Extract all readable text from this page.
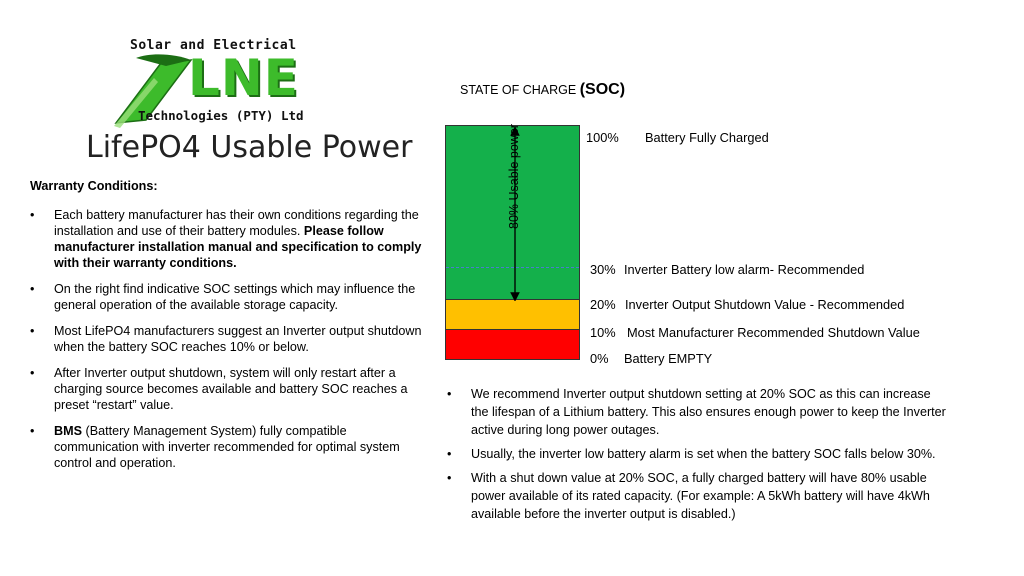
Solar and Electrical
LNE
Technologies (PTY) Ltd
LifePO4 Usable Power
Warranty Conditions:
• Each battery manufacturer has their own conditions regarding the installation and use of their battery modules. Please follow manufacturer installation manual and specification to comply with their warranty conditions.
• On the right find indicative SOC settings which may influence the general operation of the available storage capacity.
• Most LifePO4 manufacturers suggest an Inverter output shutdown when the battery SOC reaches 10% or below.
• After Inverter output shutdown, system will only restart after a charging source becomes available and battery SOC reaches a preset “restart” value.
• BMS (Battery Management System) fully compatible communication with inverter recommended for optimal system control and operation.
STATE OF CHARGE (SOC)
80% Usable power	100% Battery Fully Charged
30% Inverter Battery low alarm- Recommended
20% Inverter Output Shutdown Value - Recommended
10% Most Manufacturer Recommended Shutdown Value
0% Battery EMPTY
• We recommend Inverter output shutdown setting at 20% SOC as this can increase the lifespan of a Lithium battery. This also ensures enough power to keep the Inverter active during long power outages.
• Usually, the inverter low battery alarm is set when the battery SOC falls below 30%.
• With a shut down value at 20% SOC, a fully charged battery will have 80% usable power available of its rated capacity. (For example: A 5kWh battery will have 4kWh available before the inverter output is disabled.)
